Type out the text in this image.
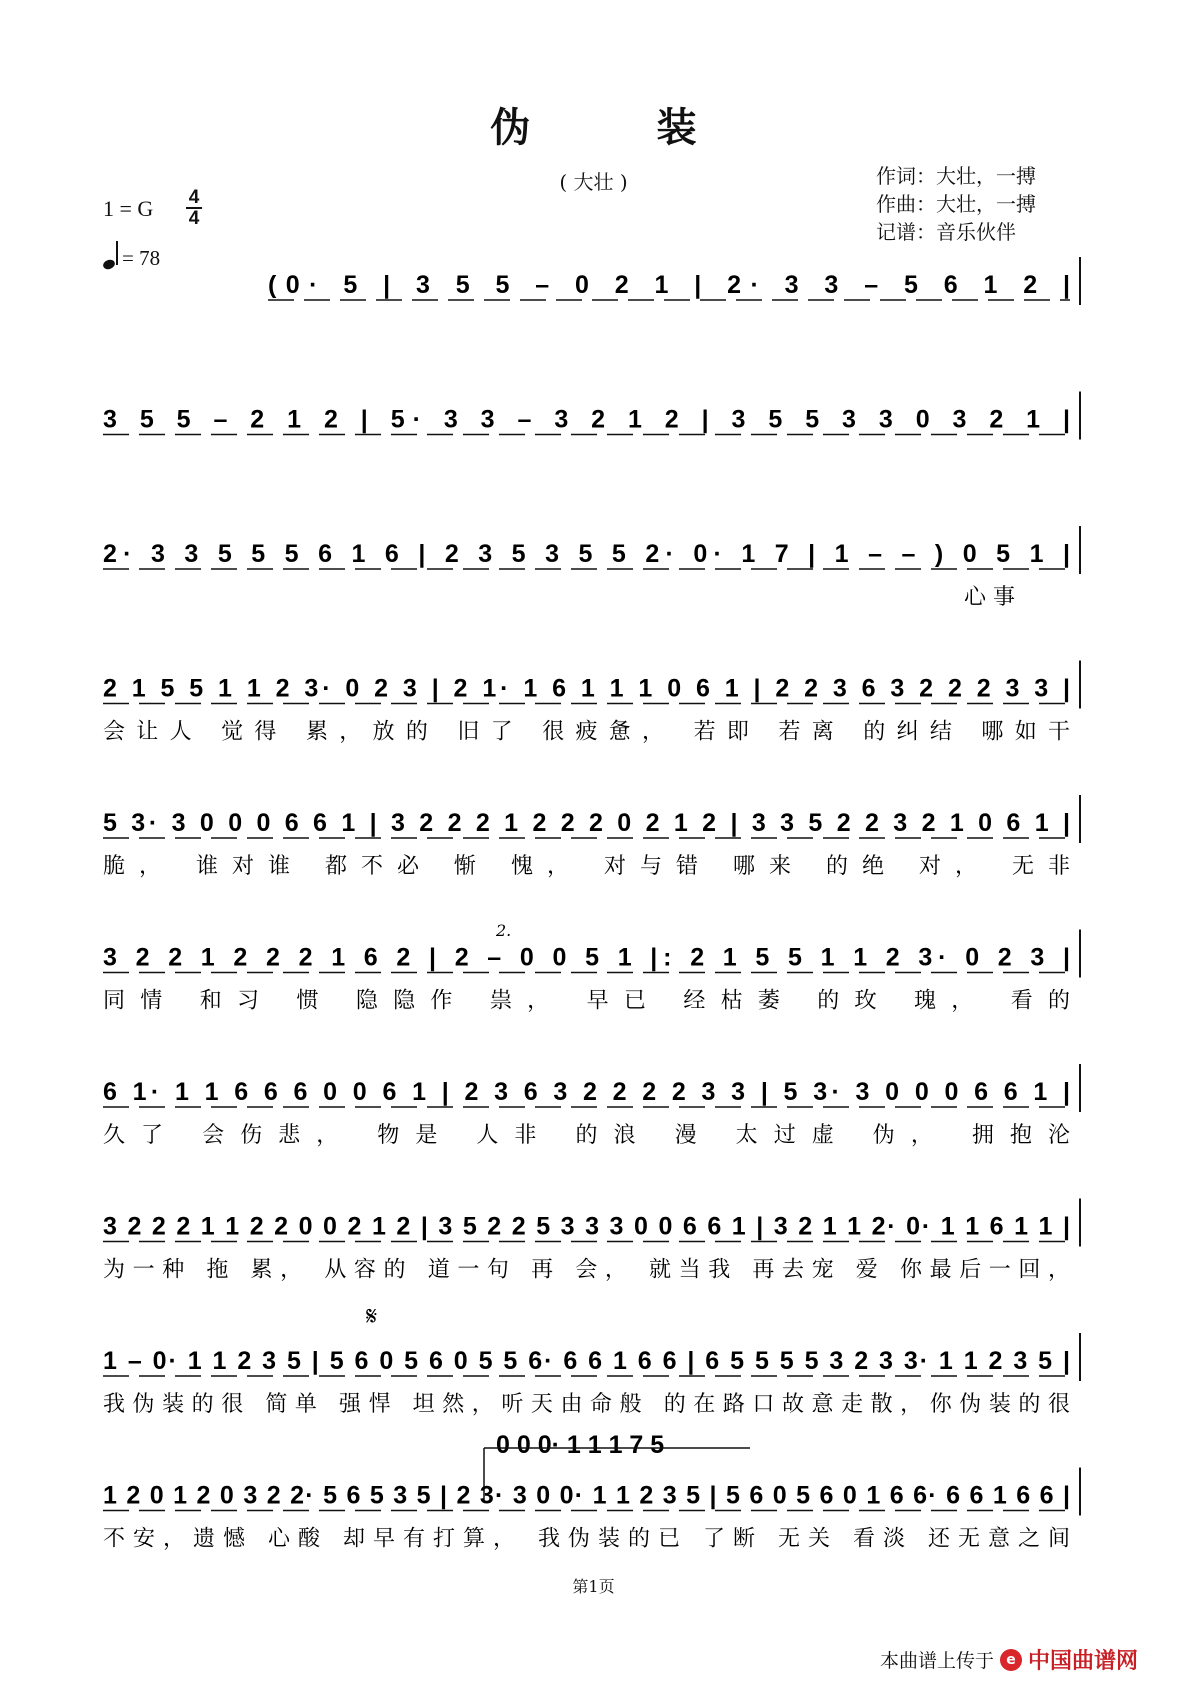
伪 装
( 大壮 )	作词：大壮，一搏
作曲：大壮，一搏
记谱：音乐伙伴
1 = G 4
4
= 78
2.
𝄋
0 0 0· 1 1 1 7 5
(0· 5 | 3 5 5 – 0 2 1 | 2· 3 3 – 5 6 1 2 |
3 5 5 – 2 1 2 | 5· 3 3 – 3 2 1 2 | 3 5 5 3 3 0 3 2 1 |
2· 3 3 5 5 5 6 1 6 | 2 3 5 3 5 5 2· 0· 1 7 | 1 – – ) 0 5 1 |
心 事
2 1 5 5 1 1 2 3· 0 2 3 | 2 1· 1 6 1 1 1 0 6 1 | 2 2 3 6 3 2 2 2 3 3 |
会让人 觉得 累，放的 旧了 很疲惫， 若即 若离 的纠结 哪如干
5 3· 3 0 0 0 6 6 1 | 3 2 2 2 1 2 2 2 0 2 1 2 | 3 3 5 2 2 3 2 1 0 6 1 |
脆， 谁对谁 都不必 惭 愧， 对与错 哪来 的绝 对， 无非
3 2 2 1 2 2 2 1 6 2 | 2 – 0 0 5 1 |: 2 1 5 5 1 1 2 3· 0 2 3 |
同情 和习 惯 隐隐作 祟， 早已 经枯萎 的玫 瑰， 看的
6 1· 1 1 6 6 6 0 0 6 1 | 2 3 6 3 2 2 2 2 3 3 | 5 3· 3 0 0 0 6 6 1 |
久了 会伤悲， 物是 人非 的浪 漫 太过虚 伪， 拥抱沦
3 2 2 2 1 1 2 2 0 0 2 1 2 | 3 5 2 2 5 3 3 3 0 0 6 6 1 | 3 2 1 1 2· 0· 1 1 6 1 1 |
为一种 拖 累， 从容的 道一句 再 会， 就当我 再去宠 爱 你最后一回，
1 – 0· 1 1 2 3 5 | 5 6 0 5 6 0 5 5 6· 6 6 1 6 6 | 6 5 5 5 5 3 2 3 3· 1 1 2 3 5 |
我伪装的很 简单 强悍 坦然，听天由命般 的在路口故意走散，你伪装的很
1 2 0 1 2 0 3 2 2· 5 6 5 3 5 | 2 3· 3 0 0· 1 1 2 3 5 | 5 6 0 5 6 0 1 6 6· 6 6 1 6 6 |
不安，遗憾 心酸 却早有打算， 我伪装的已 了断 无关 看淡 还无意之间
第1页
本曲谱上传于 e 中国曲谱网
